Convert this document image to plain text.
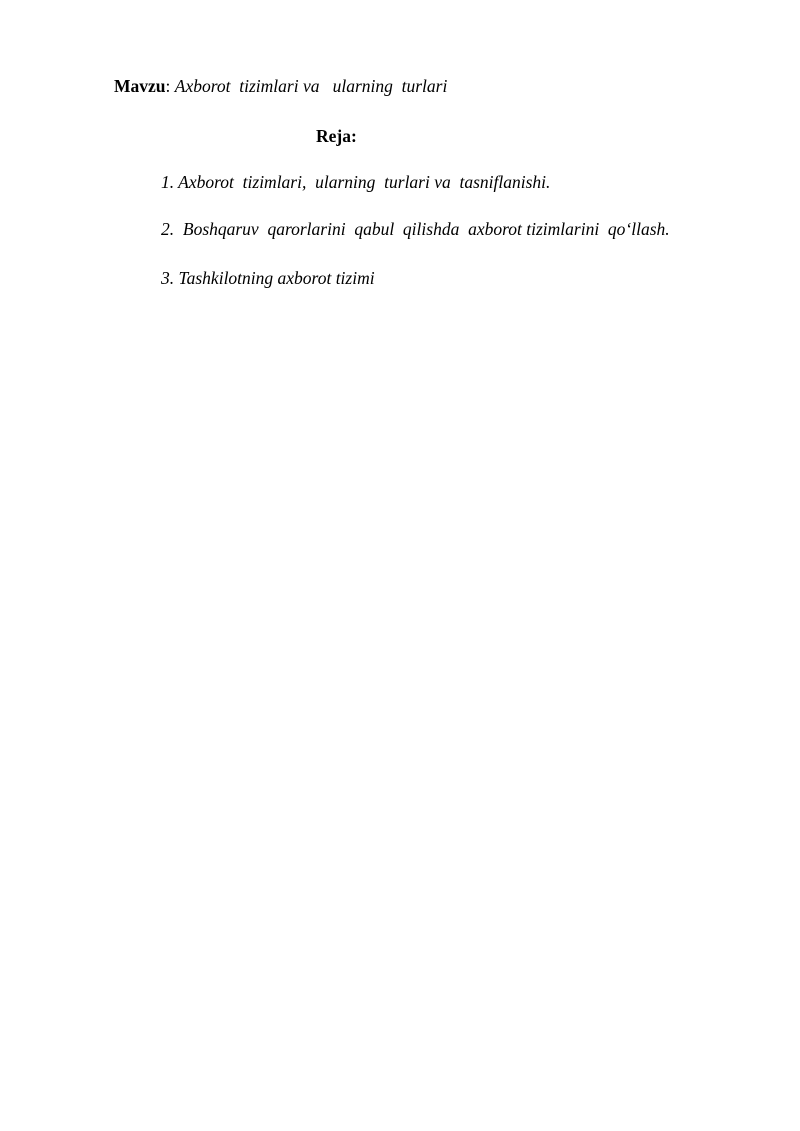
Mavzu: Axborot  tizimlari va   ularning  turlari
Reja:
1. Axborot  tizimlari,  ularning  turlari va  tasniflanishi.
2.  Boshqaruv  qarorlarini  qabul  qilishda  axborot tizimlarini  qo‘llash.
3. Tashkilotning axborot tizimi
